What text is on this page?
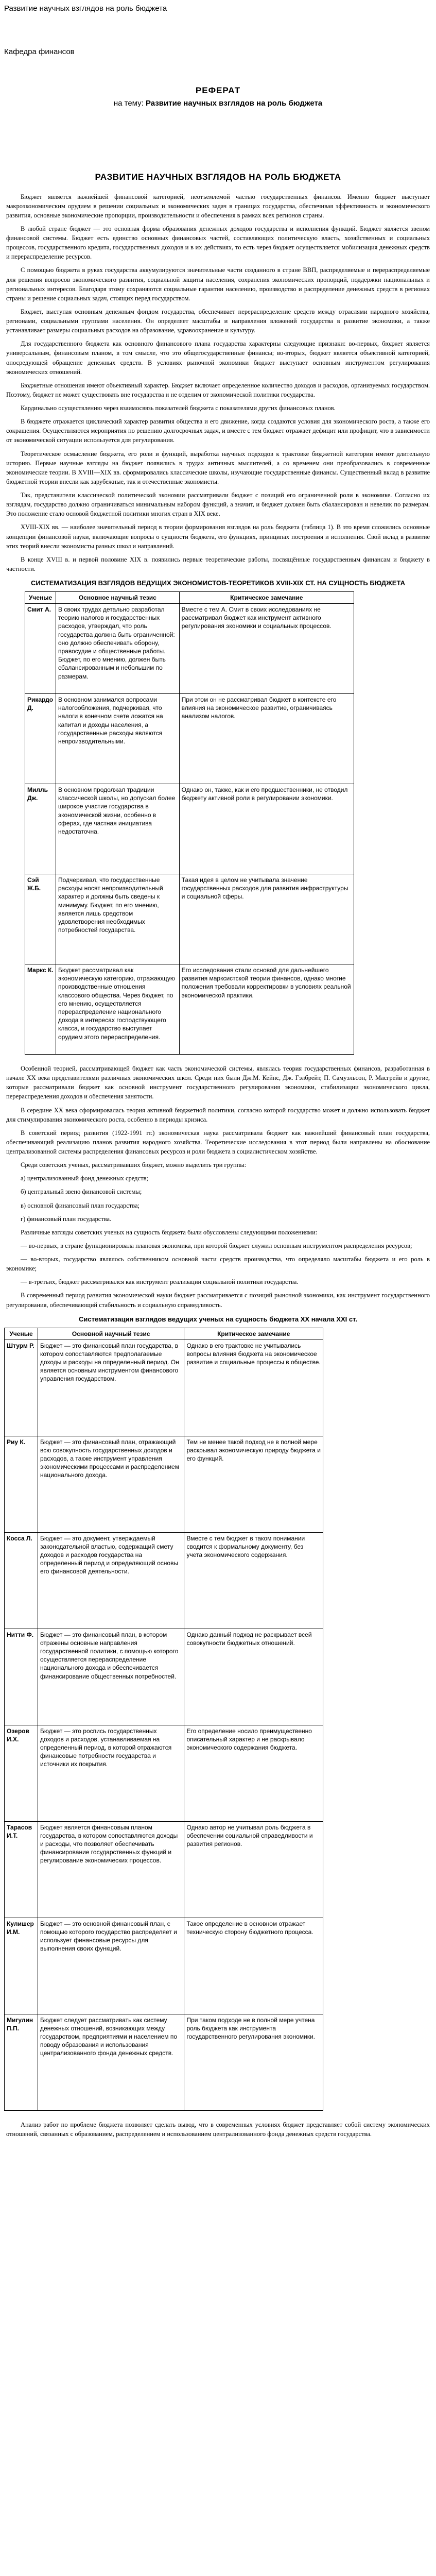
Развитие научных взглядов на роль бюджета
Кафедра финансов
РЕФЕРАТ
на тему: Развитие научных взглядов на роль бюджета
РАЗВИТИЕ НАУЧНЫХ ВЗГЛЯДОВ НА РОЛЬ БЮДЖЕТА

Бюджет является важнейшей финансовой категорией, неотъемлемой частью государственных финансов. Именно бюджет выступает макроэкономическим орудием в решении социальных и экономических задач в границах государства, обеспечивая эффективность и экономического развития, основные экономические пропорции, производительности и обеспечения в рамках всех регионов страны.

В любой стране бюджет — это основная форма образования денежных доходов государства и исполнения функций. Бюджет является звеном финансовой системы. Бюджет есть единство основных финансовых частей, составляющих политическую власть, хозяйственных и социальных процессов, государственного кредита, государственных доходов и в их действиях, то есть через бюджет осуществляется мобилизация денежных средств и перераспределение ресурсов.

С помощью бюджета в руках государства аккумулируются значительные части созданного в стране ВВП, распределяемые и перераспределяемые для решения вопросов экономического развития, социальной защиты населения, сохранения экономических пропорций, поддержки национальных и региональных интересов. Благодаря этому сохраняются социальные гарантии населению, производство и распределение денежных средств в регионах страны и решение социальных задач, стоящих перед государством.

Бюджет, выступая основным денежным фондом государства, обеспечивает перераспределение средств между отраслями народного хозяйства, регионами, социальными группами населения. Он определяет масштабы и направления вложений государства в развитие экономики, а также устанавливает размеры социальных расходов на образование, здравоохранение и культуру.

Для государственного бюджета как основного финансового плана государства характерны следующие признаки: во-первых, бюджет является универсальным, финансовым планом, в том смысле, что это общегосударственные финансы; во-вторых, бюджет является объективной категорией, опосредующей обращение денежных средств. В условиях рыночной экономики бюджет выступает основным инструментом регулирования экономических отношений.

Бюджетные отношения имеют объективный характер. Бюджет включает определенное количество доходов и расходов, организуемых государством. Поэтому, бюджет не может существовать вне государства и не отделим от экономической политики государства.

Кардинально осуществлению через взаимосвязь показателей бюджета с показателями других финансовых планов.

В бюджете отражается циклический характер развития общества и его движение, когда создаются условия для экономического роста, а также его сокращения. Осуществляются мероприятия по решению долгосрочных задач, и вместе с тем бюджет отражает дефицит или профицит, что в зависимости от экономической ситуации используется для регулирования.

Теоретическое осмысление бюджета, его роли и функций, выработка научных подходов к трактовке бюджетной категории имеют длительную историю. Первые научные взгляды на бюджет появились в трудах античных мыслителей, а со временем они преобразовались в современные экономические теории. В XVIII—XIX вв. сформировались классические школы, изучающие государственные финансы. Существенный вклад в развитие бюджетной теории внесли как зарубежные, так и отечественные экономисты.

Так, представители классической политической экономии рассматривали бюджет с позиций его ограниченной роли в экономике. Согласно их взглядам, государство должно ограничиваться минимальным набором функций, а значит, и бюджет должен быть сбалансирован и невелик по размерам. Это положение стало основой бюджетной политики многих стран в XIX веке.

XVIII-XIX вв. — наиболее значительный период в теории формирования взглядов на роль бюджета (таблица 1). В это время сложились основные концепции финансовой науки, включающие вопросы о сущности бюджета, его функциях, принципах построения и исполнения. Свой вклад в развитие этих теорий внесли экономисты разных школ и направлений.

В конце XVIII в. и первой половине XIX в. появились первые теоретические работы, посвящённые государственным финансам и бюджету в частности.

СИСТЕМАТИЗАЦИЯ ВЗГЛЯДОВ ВЕДУЩИХ ЭКОНОМИСТОВ-ТЕОРЕТИКОВ XVIII-XIX СТ. НА СУЩНОСТЬ БЮДЖЕТА
Ученые	Основное научный тезис	Критическое замечание
Смит А.	В своих трудах детально разработал теорию налогов и государственных расходов, утверждал, что роль государства должна быть ограниченной: оно должно обеспечивать оборону, правосудие и общественные работы. Бюджет, по его мнению, должен быть сбалансированным и небольшим по размерам.	Вместе с тем А. Смит в своих исследованиях не рассматривал бюджет как инструмент активного регулирования экономики и социальных процессов.
Рикардо Д.	В основном занимался вопросами налогообложения, подчеркивая, что налоги в конечном счете ложатся на капитал и доходы населения, а государственные расходы являются непроизводительными.	При этом он не рассматривал бюджет в контексте его влияния на экономическое развитие, ограничиваясь анализом налогов.
Милль Дж.	В основном продолжал традиции классической школы, но допускал более широкое участие государства в экономической жизни, особенно в сферах, где частная инициатива недостаточна.	Однако он, также, как и его предшественники, не отводил бюджету активной роли в регулировании экономики.
Сэй Ж.Б.	Подчеркивал, что государственные расходы носят непроизводительный характер и должны быть сведены к минимуму. Бюджет, по его мнению, является лишь средством удовлетворения необходимых потребностей государства.	Такая идея в целом не учитывала значение государственных расходов для развития инфраструктуры и социальной сферы.
Маркс К.	Бюджет рассматривал как экономическую категорию, отражающую производственные отношения классового общества. Через бюджет, по его мнению, осуществляется перераспределение национального дохода в интересах господствующего класса, и государство выступает орудием этого перераспределения.	Его исследования стали основой для дальнейшего развития марксистской теории финансов, однако многие положения требовали корректировки в условиях реальной экономической практики.

Особенной теорией, рассматривающей бюджет как часть экономической системы, являлась теория государственных финансов, разработанная в начале XX века представителями различных экономических школ. Среди них были Дж.М. Кейнс, Дж. Гэлбрейт, П. Самуэльсон, Р. Масгрейв и другие, которые рассматривали бюджет как основной инструмент государственного регулирования экономики, стабилизации экономического цикла, перераспределения доходов и обеспечения занятости.

В середине XX века сформировалась теория активной бюджетной политики, согласно которой государство может и должно использовать бюджет для стимулирования экономического роста, особенно в периоды кризиса.

В советский период развития (1922-1991 гг.) экономическая наука рассматривала бюджет как важнейший финансовый план государства, обеспечивающий реализацию планов развития народного хозяйства. Теоретические исследования в этот период были направлены на обоснование централизованной системы распределения финансовых ресурсов и роли бюджета в социалистическом хозяйстве.

Среди советских ученых, рассматривавших бюджет, можно выделить три группы:

а) централизованный фонд денежных средств;

б) центральный звено финансовой системы;

в) основной финансовый план государства;

г) финансовый план государства.

Различные взгляды советских ученых на сущность бюджета были обусловлены следующими положениями:

— во-первых, в стране функционировала плановая экономика, при которой бюджет служил основным инструментом распределения ресурсов;

— во-вторых, государство являлось собственником основной части средств производства, что определяло масштабы бюджета и его роль в экономике;

— в-третьих, бюджет рассматривался как инструмент реализации социальной политики государства.

В современный период развития экономической науки бюджет рассматривается с позиций рыночной экономики, как инструмент государственного регулирования, обеспечивающий стабильность и социальную справедливость.

Систематизация взглядов ведущих ученых на сущность бюджета XX начала XXI ст.
Ученые	Основной научный тезис	Критическое замечание
Штурм Р.	Бюджет — это финансовый план государства, в котором сопоставляются предполагаемые доходы и расходы на определенный период. Он является основным инструментом финансового управления государством.	Однако в его трактовке не учитывались вопросы влияния бюджета на экономическое развитие и социальные процессы в обществе.
Риу К.	Бюджет — это финансовый план, отражающий всю совокупность государственных доходов и расходов, а также инструмент управления экономическими процессами и распределением национального дохода.	Тем не менее такой подход не в полной мере раскрывал экономическую природу бюджета и его функций.
Косса Л.	Бюджет — это документ, утверждаемый законодательной властью, содержащий смету доходов и расходов государства на определенный период и определяющий основы его финансовой деятельности.	Вместе с тем бюджет в таком понимании сводится к формальному документу, без учета экономического содержания.
Нитти Ф.	Бюджет — это финансовый план, в котором отражены основные направления государственной политики, с помощью которого осуществляется перераспределение национального дохода и обеспечивается финансирование общественных потребностей.	Однако данный подход не раскрывает всей совокупности бюджетных отношений.
Озеров И.Х.	Бюджет — это роспись государственных доходов и расходов, устанавливаемая на определенный период, в которой отражаются финансовые потребности государства и источники их покрытия.	Его определение носило преимущественно описательный характер и не раскрывало экономического содержания бюджета.
Тарасов И.Т.	Бюджет является финансовым планом государства, в котором сопоставляются доходы и расходы, что позволяет обеспечивать финансирование государственных функций и регулирование экономических процессов.	Однако автор не учитывал роль бюджета в обеспечении социальной справедливости и развития регионов.
Кулишер И.М.	Бюджет — это основной финансовый план, с помощью которого государство распределяет и использует финансовые ресурсы для выполнения своих функций.	Такое определение в основном отражает техническую сторону бюджетного процесса.
Мигулин П.П.	Бюджет следует рассматривать как систему денежных отношений, возникающих между государством, предприятиями и населением по поводу образования и использования централизованного фонда денежных средств.	При таком подходе не в полной мере учтена роль бюджета как инструмента государственного регулирования экономики.

Анализ работ по проблеме бюджета позволяет сделать вывод, что в современных условиях бюджет представляет собой систему экономических отношений, связанных с образованием, распределением и использованием централизованного фонда денежных средств государства.
